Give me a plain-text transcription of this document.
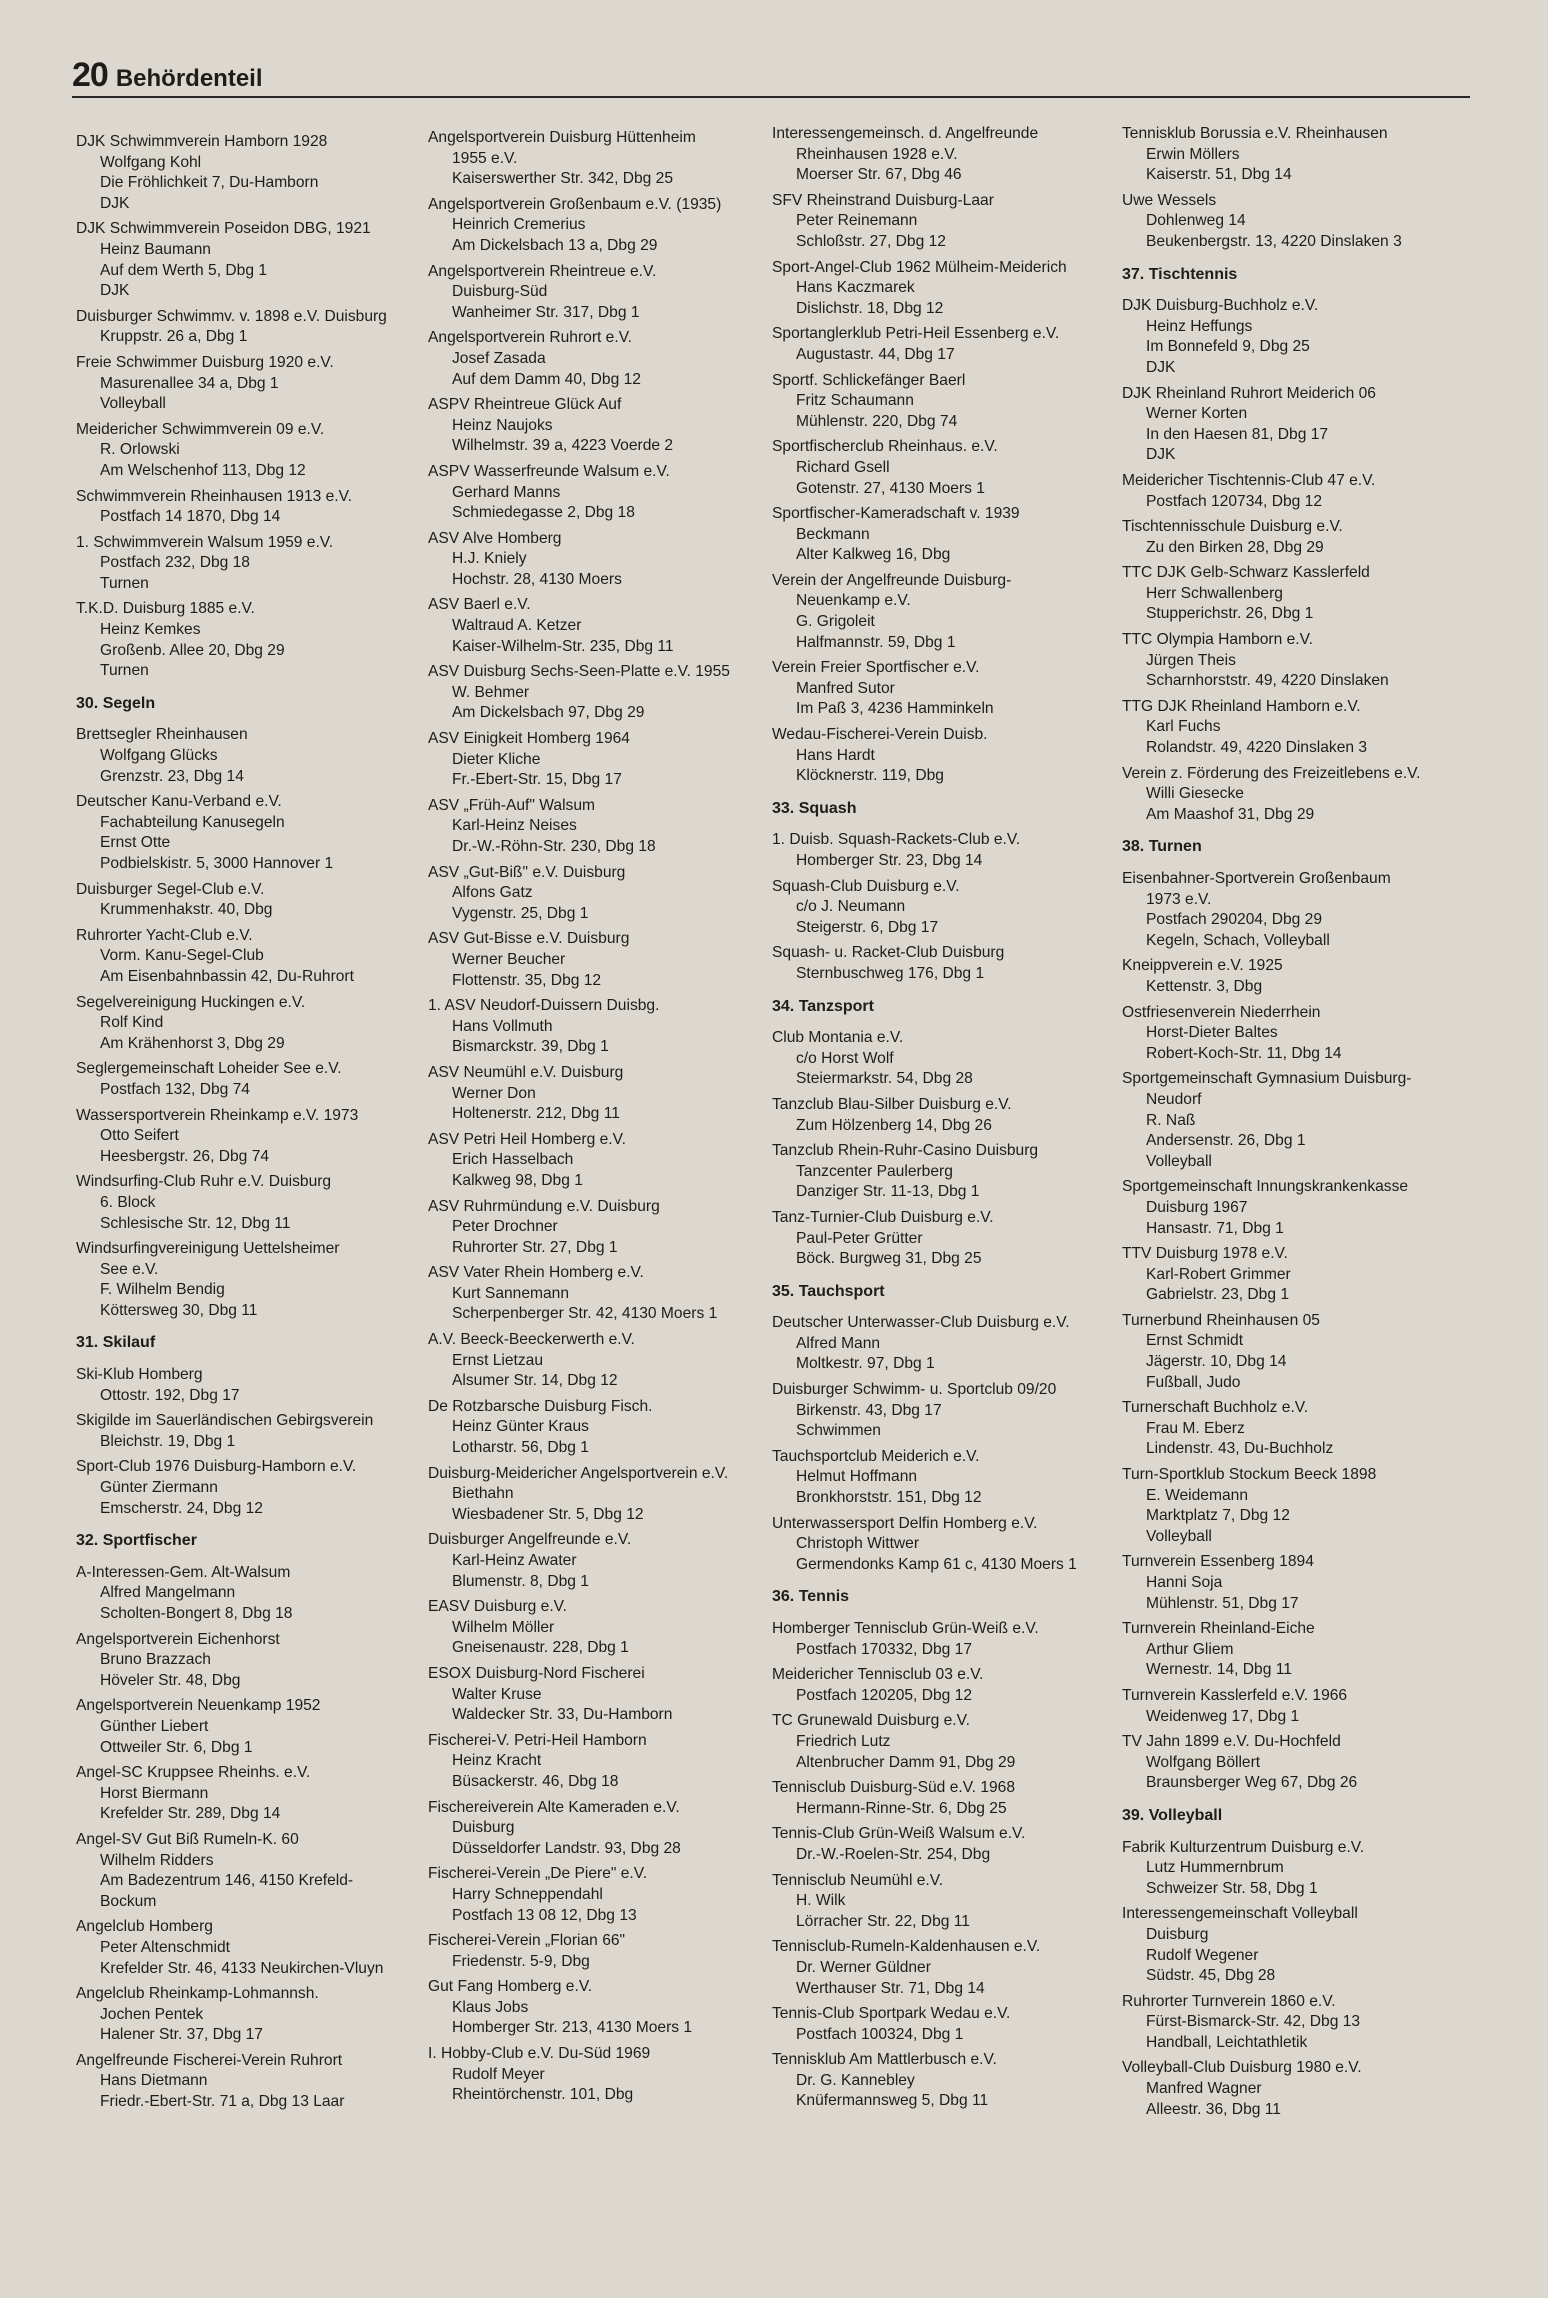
20 Behördenteil
DJK Schwimmverein Hamborn 1928
Wolfgang Kohl
Die Fröhlichkeit 7, Du-Hamborn
DJK
DJK Schwimmverein Poseidon DBG, 1921
Heinz Baumann
Auf dem Werth 5, Dbg 1
DJK
Duisburger Schwimmv. v. 1898 e.V. Duisburg
Kruppstr. 26 a, Dbg 1
Freie Schwimmer Duisburg 1920 e.V.
Masurenallee 34 a, Dbg 1
Volleyball
Meidericher Schwimmverein 09 e.V.
R. Orlowski
Am Welschenhof 113, Dbg 12
Schwimmverein Rheinhausen 1913 e.V.
Postfach 14 1870, Dbg 14
1. Schwimmverein Walsum 1959 e.V.
Postfach 232, Dbg 18
Turnen
T.K.D. Duisburg 1885 e.V.
Heinz Kemkes
Großenb. Allee 20, Dbg 29
Turnen
30. Segeln
Brettsegler Rheinhausen
Wolfgang Glücks
Grenzstr. 23, Dbg 14
Deutscher Kanu-Verband e.V.
Fachabteilung Kanusegeln
Ernst Otte
Podbielskistr. 5, 3000 Hannover 1
Duisburger Segel-Club e.V.
Krummenhakstr. 40, Dbg
Ruhrorter Yacht-Club e.V.
Vorm. Kanu-Segel-Club
Am Eisenbahnbassin 42, Du-Ruhrort
Segelvereinigung Huckingen e.V.
Rolf Kind
Am Krähenhorst 3, Dbg 29
Seglergemeinschaft Loheider See e.V.
Postfach 132, Dbg 74
Wassersportverein Rheinkamp e.V. 1973
Otto Seifert
Heesbergstr. 26, Dbg 74
Windsurfing-Club Ruhr e.V. Duisburg
6. Block
Schlesische Str. 12, Dbg 11
Windsurfingvereinigung Uettelsheimer
See e.V.
F. Wilhelm Bendig
Köttersweg 30, Dbg 11
31. Skilauf
Ski-Klub Homberg
Ottostr. 192, Dbg 17
Skigilde im Sauerländischen Gebirgsverein
Bleichstr. 19, Dbg 1
Sport-Club 1976 Duisburg-Hamborn e.V.
Günter Ziermann
Emscherstr. 24, Dbg 12
32. Sportfischer
A-Interessen-Gem. Alt-Walsum
Alfred Mangelmann
Scholten-Bongert 8, Dbg 18
Angelsportverein Eichenhorst
Bruno Brazzach
Höveler Str. 48, Dbg
Angelsportverein Neuenkamp 1952
Günther Liebert
Ottweiler Str. 6, Dbg 1
Angel-SC Kruppsee Rheinhs. e.V.
Horst Biermann
Krefelder Str. 289, Dbg 14
Angel-SV Gut Biß Rumeln-K. 60
Wilhelm Ridders
Am Badezentrum 146, 4150 Krefeld-
Bockum
Angelclub Homberg
Peter Altenschmidt
Krefelder Str. 46, 4133 Neukirchen-Vluyn
Angelclub Rheinkamp-Lohmannsh.
Jochen Pentek
Halener Str. 37, Dbg 17
Angelfreunde Fischerei-Verein Ruhrort
Hans Dietmann
Friedr.-Ebert-Str. 71 a, Dbg 13 Laar
Angelsportverein Duisburg Hüttenheim
1955 e.V.
Kaiserswerther Str. 342, Dbg 25
Angelsportverein Großenbaum e.V. (1935)
Heinrich Cremerius
Am Dickelsbach 13 a, Dbg 29
Angelsportverein Rheintreue e.V.
Duisburg-Süd
Wanheimer Str. 317, Dbg 1
Angelsportverein Ruhrort e.V.
Josef Zasada
Auf dem Damm 40, Dbg 12
ASPV Rheintreue Glück Auf
Heinz Naujoks
Wilhelmstr. 39 a, 4223 Voerde 2
ASPV Wasserfreunde Walsum e.V.
Gerhard Manns
Schmiedegasse 2, Dbg 18
ASV Alve Homberg
H.J. Kniely
Hochstr. 28, 4130 Moers
ASV Baerl e.V.
Waltraud A. Ketzer
Kaiser-Wilhelm-Str. 235, Dbg 11
ASV Duisburg Sechs-Seen-Platte e.V. 1955
W. Behmer
Am Dickelsbach 97, Dbg 29
ASV Einigkeit Homberg 1964
Dieter Kliche
Fr.-Ebert-Str. 15, Dbg 17
ASV „Früh-Auf" Walsum
Karl-Heinz Neises
Dr.-W.-Röhn-Str. 230, Dbg 18
ASV „Gut-Biß" e.V. Duisburg
Alfons Gatz
Vygenstr. 25, Dbg 1
ASV Gut-Bisse e.V. Duisburg
Werner Beucher
Flottenstr. 35, Dbg 12
1. ASV Neudorf-Duissern Duisbg.
Hans Vollmuth
Bismarckstr. 39, Dbg 1
ASV Neumühl e.V. Duisburg
Werner Don
Holtenerstr. 212, Dbg 11
ASV Petri Heil Homberg e.V.
Erich Hasselbach
Kalkweg 98, Dbg 1
ASV Ruhrmündung e.V. Duisburg
Peter Drochner
Ruhrorter Str. 27, Dbg 1
ASV Vater Rhein Homberg e.V.
Kurt Sannemann
Scherpenberger Str. 42, 4130 Moers 1
A.V. Beeck-Beeckerwerth e.V.
Ernst Lietzau
Alsumer Str. 14, Dbg 12
De Rotzbarsche Duisburg Fisch.
Heinz Günter Kraus
Lotharstr. 56, Dbg 1
Duisburg-Meidericher Angelsportverein e.V.
Biethahn
Wiesbadener Str. 5, Dbg 12
Duisburger Angelfreunde e.V.
Karl-Heinz Awater
Blumenstr. 8, Dbg 1
EASV Duisburg e.V.
Wilhelm Möller
Gneisenaustr. 228, Dbg 1
ESOX Duisburg-Nord Fischerei
Walter Kruse
Waldecker Str. 33, Du-Hamborn
Fischerei-V. Petri-Heil Hamborn
Heinz Kracht
Büsackerstr. 46, Dbg 18
Fischereiverein Alte Kameraden e.V.
Duisburg
Düsseldorfer Landstr. 93, Dbg 28
Fischerei-Verein „De Piere" e.V.
Harry Schneppendahl
Postfach 13 08 12, Dbg 13
Fischerei-Verein „Florian 66"
Friedenstr. 5-9, Dbg
Gut Fang Homberg e.V.
Klaus Jobs
Homberger Str. 213, 4130 Moers 1
I. Hobby-Club e.V. Du-Süd 1969
Rudolf Meyer
Rheintörchenstr. 101, Dbg
Interessengemeinsch. d. Angelfreunde
Rheinhausen 1928 e.V.
Moerser Str. 67, Dbg 46
SFV Rheinstrand Duisburg-Laar
Peter Reinemann
Schloßstr. 27, Dbg 12
Sport-Angel-Club 1962 Mülheim-Meiderich
Hans Kaczmarek
Dislichstr. 18, Dbg 12
Sportanglerklub Petri-Heil Essenberg e.V.
Augustastr. 44, Dbg 17
Sportf. Schlickefänger Baerl
Fritz Schaumann
Mühlenstr. 220, Dbg 74
Sportfischerclub Rheinhaus. e.V.
Richard Gsell
Gotenstr. 27, 4130 Moers 1
Sportfischer-Kameradschaft v. 1939
Beckmann
Alter Kalkweg 16, Dbg
Verein der Angelfreunde Duisburg-
Neuenkamp e.V.
G. Grigoleit
Halfmannstr. 59, Dbg 1
Verein Freier Sportfischer e.V.
Manfred Sutor
Im Paß 3, 4236 Hamminkeln
Wedau-Fischerei-Verein Duisb.
Hans Hardt
Klöcknerstr. 119, Dbg
33. Squash
1. Duisb. Squash-Rackets-Club e.V.
Homberger Str. 23, Dbg 14
Squash-Club Duisburg e.V.
c/o J. Neumann
Steigerstr. 6, Dbg 17
Squash- u. Racket-Club Duisburg
Sternbuschweg 176, Dbg 1
34. Tanzsport
Club Montania e.V.
c/o Horst Wolf
Steiermarkstr. 54, Dbg 28
Tanzclub Blau-Silber Duisburg e.V.
Zum Hölzenberg 14, Dbg 26
Tanzclub Rhein-Ruhr-Casino Duisburg
Tanzcenter Paulerberg
Danziger Str. 11-13, Dbg 1
Tanz-Turnier-Club Duisburg e.V.
Paul-Peter Grütter
Böck. Burgweg 31, Dbg 25
35. Tauchsport
Deutscher Unterwasser-Club Duisburg e.V.
Alfred Mann
Moltkestr. 97, Dbg 1
Duisburger Schwimm- u. Sportclub 09/20
Birkenstr. 43, Dbg 17
Schwimmen
Tauchsportclub Meiderich e.V.
Helmut Hoffmann
Bronkhorststr. 151, Dbg 12
Unterwassersport Delfin Homberg e.V.
Christoph Wittwer
Germendonks Kamp 61 c, 4130 Moers 1
36. Tennis
Homberger Tennisclub Grün-Weiß e.V.
Postfach 170332, Dbg 17
Meidericher Tennisclub 03 e.V.
Postfach 120205, Dbg 12
TC Grunewald Duisburg e.V.
Friedrich Lutz
Altenbrucher Damm 91, Dbg 29
Tennisclub Duisburg-Süd e.V. 1968
Hermann-Rinne-Str. 6, Dbg 25
Tennis-Club Grün-Weiß Walsum e.V.
Dr.-W.-Roelen-Str. 254, Dbg
Tennisclub Neumühl e.V.
H. Wilk
Lörracher Str. 22, Dbg 11
Tennisclub-Rumeln-Kaldenhausen e.V.
Dr. Werner Güldner
Werthauser Str. 71, Dbg 14
Tennis-Club Sportpark Wedau e.V.
Postfach 100324, Dbg 1
Tennisklub Am Mattlerbusch e.V.
Dr. G. Kannebley
Knüfermannsweg 5, Dbg 11
Tennisklub Borussia e.V. Rheinhausen
Erwin Möllers
Kaiserstr. 51, Dbg 14
Uwe Wessels
Dohlenweg 14
Beukenbergstr. 13, 4220 Dinslaken 3
37. Tischtennis
DJK Duisburg-Buchholz e.V.
Heinz Heffungs
Im Bonnefeld 9, Dbg 25
DJK
DJK Rheinland Ruhrort Meiderich 06
Werner Korten
In den Haesen 81, Dbg 17
DJK
Meidericher Tischtennis-Club 47 e.V.
Postfach 120734, Dbg 12
Tischtennisschule Duisburg e.V.
Zu den Birken 28, Dbg 29
TTC DJK Gelb-Schwarz Kasslerfeld
Herr Schwallenberg
Stupperichstr. 26, Dbg 1
TTC Olympia Hamborn e.V.
Jürgen Theis
Scharnhorststr. 49, 4220 Dinslaken
TTG DJK Rheinland Hamborn e.V.
Karl Fuchs
Rolandstr. 49, 4220 Dinslaken 3
Verein z. Förderung des Freizeitlebens e.V.
Willi Giesecke
Am Maashof 31, Dbg 29
38. Turnen
Eisenbahner-Sportverein Großenbaum
1973 e.V.
Postfach 290204, Dbg 29
Kegeln, Schach, Volleyball
Kneippverein e.V. 1925
Kettenstr. 3, Dbg
Ostfriesenverein Niederrhein
Horst-Dieter Baltes
Robert-Koch-Str. 11, Dbg 14
Sportgemeinschaft Gymnasium Duisburg-
Neudorf
R. Naß
Andersenstr. 26, Dbg 1
Volleyball
Sportgemeinschaft Innungskrankenkasse
Duisburg 1967
Hansastr. 71, Dbg 1
TTV Duisburg 1978 e.V.
Karl-Robert Grimmer
Gabrielstr. 23, Dbg 1
Turnerbund Rheinhausen 05
Ernst Schmidt
Jägerstr. 10, Dbg 14
Fußball, Judo
Turnerschaft Buchholz e.V.
Frau M. Eberz
Lindenstr. 43, Du-Buchholz
Turn-Sportklub Stockum Beeck 1898
E. Weidemann
Marktplatz 7, Dbg 12
Volleyball
Turnverein Essenberg 1894
Hanni Soja
Mühlenstr. 51, Dbg 17
Turnverein Rheinland-Eiche
Arthur Gliem
Wernestr. 14, Dbg 11
Turnverein Kasslerfeld e.V. 1966
Weidenweg 17, Dbg 1
TV Jahn 1899 e.V. Du-Hochfeld
Wolfgang Böllert
Braunsberger Weg 67, Dbg 26
39. Volleyball
Fabrik Kulturzentrum Duisburg e.V.
Lutz Hummernbrum
Schweizer Str. 58, Dbg 1
Interessengemeinschaft Volleyball
Duisburg
Rudolf Wegener
Südstr. 45, Dbg 28
Ruhrorter Turnverein 1860 e.V.
Fürst-Bismarck-Str. 42, Dbg 13
Handball, Leichtathletik
Volleyball-Club Duisburg 1980 e.V.
Manfred Wagner
Alleestr. 36, Dbg 11
